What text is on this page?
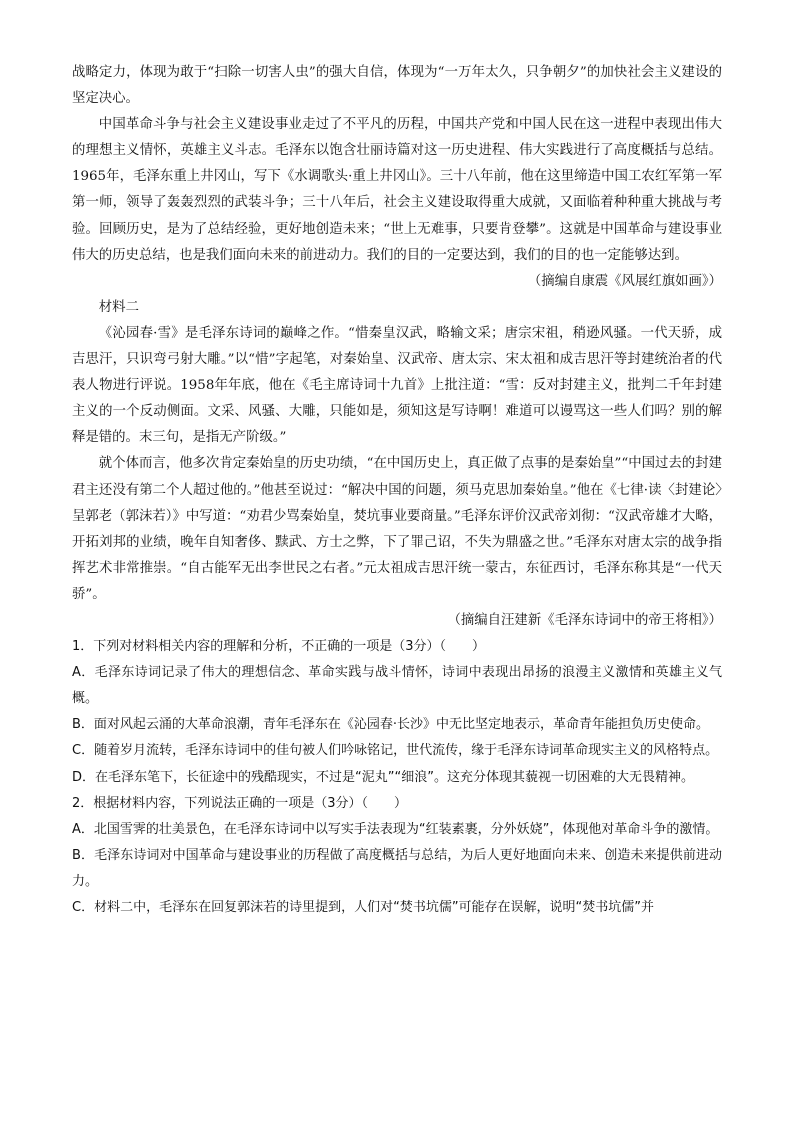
战略定力，体现为敢于“扫除一切害人虫”的强大自信，体现为“一万年太久，只争朝夕”的加快社会主义建设的坚定决心。

中国革命斗争与社会主义建设事业走过了不平凡的历程，中国共产党和中国人民在这一进程中表现出伟大的理想主义情怀，英雄主义斗志。毛泽东以饱含壮丽诗篇对这一历史进程、伟大实践进行了高度概括与总结。1965年，毛泽东重上井冈山，写下《水调歌头·重上井冈山》。三十八年前，他在这里缔造中国工农红军第一军第一师，领导了轰轰烈烈的武装斗争；三十八年后，社会主义建设取得重大成就，又面临着种种重大挑战与考验。回顾历史，是为了总结经验，更好地创造未来；“世上无难事，只要肯登攀”。这就是中国革命与建设事业伟大的历史总结，也是我们面向未来的前进动力。我们的目的一定要达到，我们的目的也一定能够达到。

（摘编自康震《风展红旗如画》）

材料二

《沁园春·雪》是毛泽东诗词的巅峰之作。“惜秦皇汉武，略输文采；唐宗宋祖，稍逊风骚。一代天骄，成吉思汗，只识弯弓射大雕。”以“惜”字起笔，对秦始皇、汉武帝、唐太宗、宋太祖和成吉思汗等封建统治者的代表人物进行评说。1958年年底，他在《毛主席诗词十九首》上批注道：“雪：反对封建主义，批判二千年封建主义的一个反动侧面。文采、风骚、大雕，只能如是，须知这是写诗啊！难道可以谩骂这一些人们吗？别的解释是错的。末三句，是指无产阶级。”

就个体而言，他多次肯定秦始皇的历史功绩，“在中国历史上，真正做了点事的是秦始皇”“中国过去的封建君主还没有第二个人超过他的。”他甚至说过：“解决中国的问题，须马克思加秦始皇。”他在《七律·读〈封建论〉呈郭老（郭沫若）》中写道：“劝君少骂秦始皇，焚坑事业要商量。”毛泽东评价汉武帝刘彻：“汉武帝雄才大略，开拓刘邦的业绩，晚年自知奢侈、黩武、方士之弊，下了罪己诏，不失为鼎盛之世。”毛泽东对唐太宗的战争指挥艺术非常推崇。“自古能军无出李世民之右者。”元太祖成吉思汗统一蒙古，东征西讨，毛泽东称其是“一代天骄”。

（摘编自汪建新《毛泽东诗词中的帝王将相》）

1．下列对材料相关内容的理解和分析，不正确的一项是（3分）（　　）

A．毛泽东诗词记录了伟大的理想信念、革命实践与战斗情怀，诗词中表现出昂扬的浪漫主义激情和英雄主义气概。

B．面对风起云涌的大革命浪潮，青年毛泽东在《沁园春·长沙》中无比坚定地表示，革命青年能担负历史使命。

C．随着岁月流转，毛泽东诗词中的佳句被人们吟咏铭记，世代流传，缘于毛泽东诗词革命现实主义的风格特点。

D．在毛泽东笔下，长征途中的残酷现实，不过是“泥丸”“细浪”。这充分体现其藐视一切困难的大无畏精神。

2．根据材料内容，下列说法正确的一项是（3分）（　　）

A．北国雪霁的壮美景色，在毛泽东诗词中以写实手法表现为“红装素裹，分外妖娆”，体现他对革命斗争的激情。

B．毛泽东诗词对中国革命与建设事业的历程做了高度概括与总结，为后人更好地面向未来、创造未来提供前进动力。

C．材料二中，毛泽东在回复郭沫若的诗里提到，人们对“焚书坑儒”可能存在误解，说明“焚书坑儒”并
